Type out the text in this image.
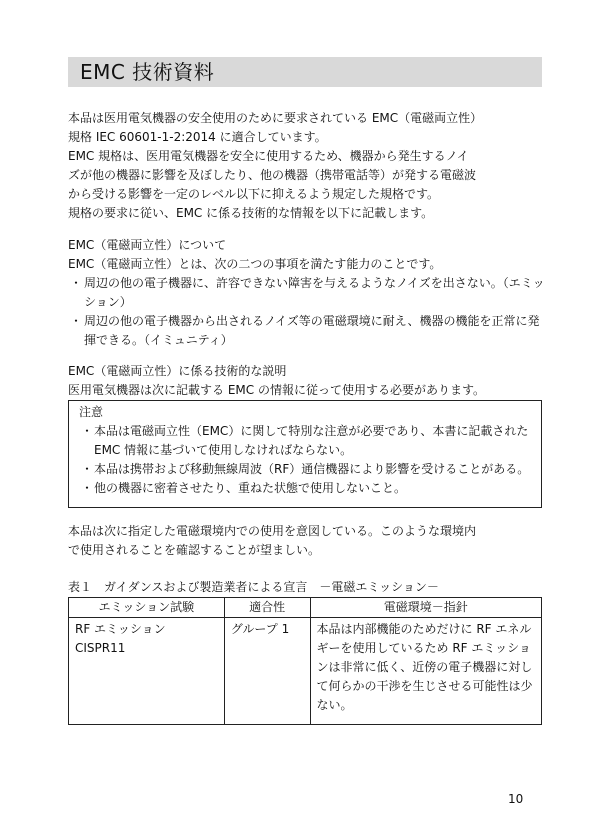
EMC 技術資料

本品は医用電気機器の安全使用のために要求されている EMC（電磁両立性）

規格 IEC 60601-1-2:2014 に適合しています。

EMC 規格は、医用電気機器を安全に使用するため、機器から発生するノイ

ズが他の機器に影響を及ぼしたり、他の機器（携帯電話等）が発する電磁波

から受ける影響を一定のレベル以下に抑えるよう規定した規格です。

規格の要求に従い、EMC に係る技術的な情報を以下に記載します。

EMC（電磁両立性）について

EMC（電磁両立性）とは、次の二つの事項を満たす能力のことです。

・ 周辺の他の電子機器に、許容できない障害を与えるようなノイズを出さない。（エミッション）
・ 周辺の他の電子機器から出されるノイズ等の電磁環境に耐え、機器の機能を正常に発揮できる。（イミュニティ）

EMC（電磁両立性）に係る技術的な説明

医用電気機器は次に記載する EMC の情報に従って使用する必要があります。

注意

・ 本品は電磁両立性（EMC）に関して特別な注意が必要であり、本書に記載された EMC 情報に基づいて使用しなければならない。
・ 本品は携帯および移動無線周波（RF）通信機器により影響を受けることがある。
・ 他の機器に密着させたり、重ねた状態で使用しないこと。

本品は次に指定した電磁環境内での使用を意図している。このような環境内

で使用されることを確認することが望ましい。

表１　ガイダンスおよび製造業者による宣言　－電磁エミッション－
エミッション試験	適合性	電磁環境－指針
RF エミッション CISPR11	グループ 1	本品は内部機能のためだけに RF エネルギーを使用しているため RF エミッションは非常に低く、近傍の電子機器に対して何らかの干渉を生じさせる可能性は少ない。
10
